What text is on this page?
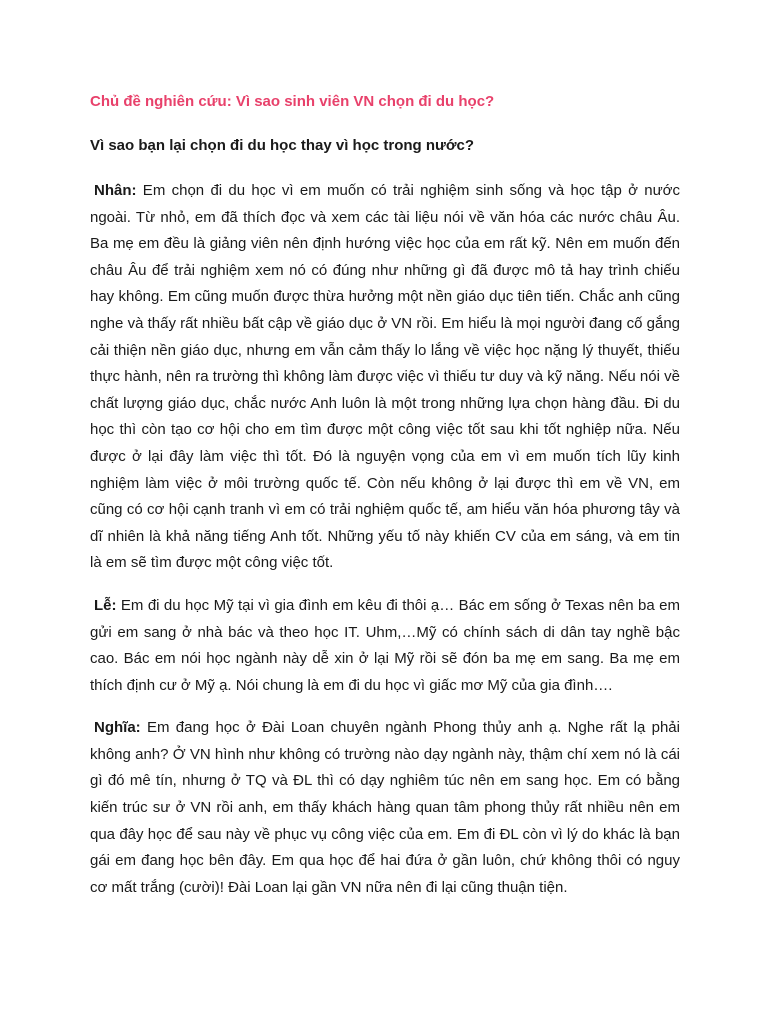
Chủ đề nghiên cứu: Vì sao sinh viên VN chọn đi du học?

Vì sao bạn lại chọn đi du học thay vì học trong nước?

Nhân: Em chọn đi du học vì em muốn có trải nghiệm sinh sống và học tập ở nước ngoài. Từ nhỏ, em đã thích đọc và xem các tài liệu nói về văn hóa các nước châu Âu. Ba mẹ em đều là giảng viên nên định hướng việc học của em rất kỹ. Nên em muốn đến châu Âu để trải nghiệm xem nó có đúng như những gì đã được mô tả hay trình chiếu hay không. Em cũng muốn được thừa hưởng một nền giáo dục tiên tiến. Chắc anh cũng nghe và thấy rất nhiều bất cập về giáo dục ở VN rồi. Em hiểu là mọi người đang cố gắng cải thiện nền giáo dục, nhưng em vẫn cảm thấy lo lắng về việc học nặng lý thuyết, thiếu thực hành, nên ra trường thì không làm được việc vì thiếu tư duy và kỹ năng. Nếu nói về chất lượng giáo dục, chắc nước Anh luôn là một trong những lựa chọn hàng đầu. Đi du học thì còn tạo cơ hội cho em tìm được một công việc tốt sau khi tốt nghiệp nữa. Nếu được ở lại đây làm việc thì tốt. Đó là nguyện vọng của em vì em muốn tích lũy kinh nghiệm làm việc ở môi trường quốc tế. Còn nếu không ở lại được thì em về VN, em cũng có cơ hội cạnh tranh vì em có trải nghiệm quốc tế, am hiểu văn hóa phương tây và dĩ nhiên là khả năng tiếng Anh tốt. Những yếu tố này khiến CV của em sáng, và em tin là em sẽ tìm được một công việc tốt.

Lễ: Em đi du học Mỹ tại vì gia đình em kêu đi thôi ạ… Bác em sống ở Texas nên ba em gửi em sang ở nhà bác và theo học IT. Uhm,…Mỹ có chính sách di dân tay nghề bậc cao. Bác em nói học ngành này dễ xin ở lại Mỹ rồi sẽ đón ba mẹ em sang. Ba mẹ em thích định cư ở Mỹ ạ. Nói chung là em đi du học vì giấc mơ Mỹ của gia đình….

Nghĩa: Em đang học ở Đài Loan chuyên ngành Phong thủy anh ạ. Nghe rất lạ phải không anh? Ở VN hình như không có trường nào dạy ngành này, thậm chí xem nó là cái gì đó mê tín, nhưng ở TQ và ĐL thì có dạy nghiêm túc nên em sang học. Em có bằng kiến trúc sư ở VN rồi anh, em thấy khách hàng quan tâm phong thủy rất nhiều nên em qua đây học để sau này về phục vụ công việc của em. Em đi ĐL còn vì lý do khác là bạn gái em đang học bên đây. Em qua học để hai đứa ở gần luôn, chứ không thôi có nguy cơ mất trắng (cười)! Đài Loan lại gần VN nữa nên đi lại cũng thuận tiện.
